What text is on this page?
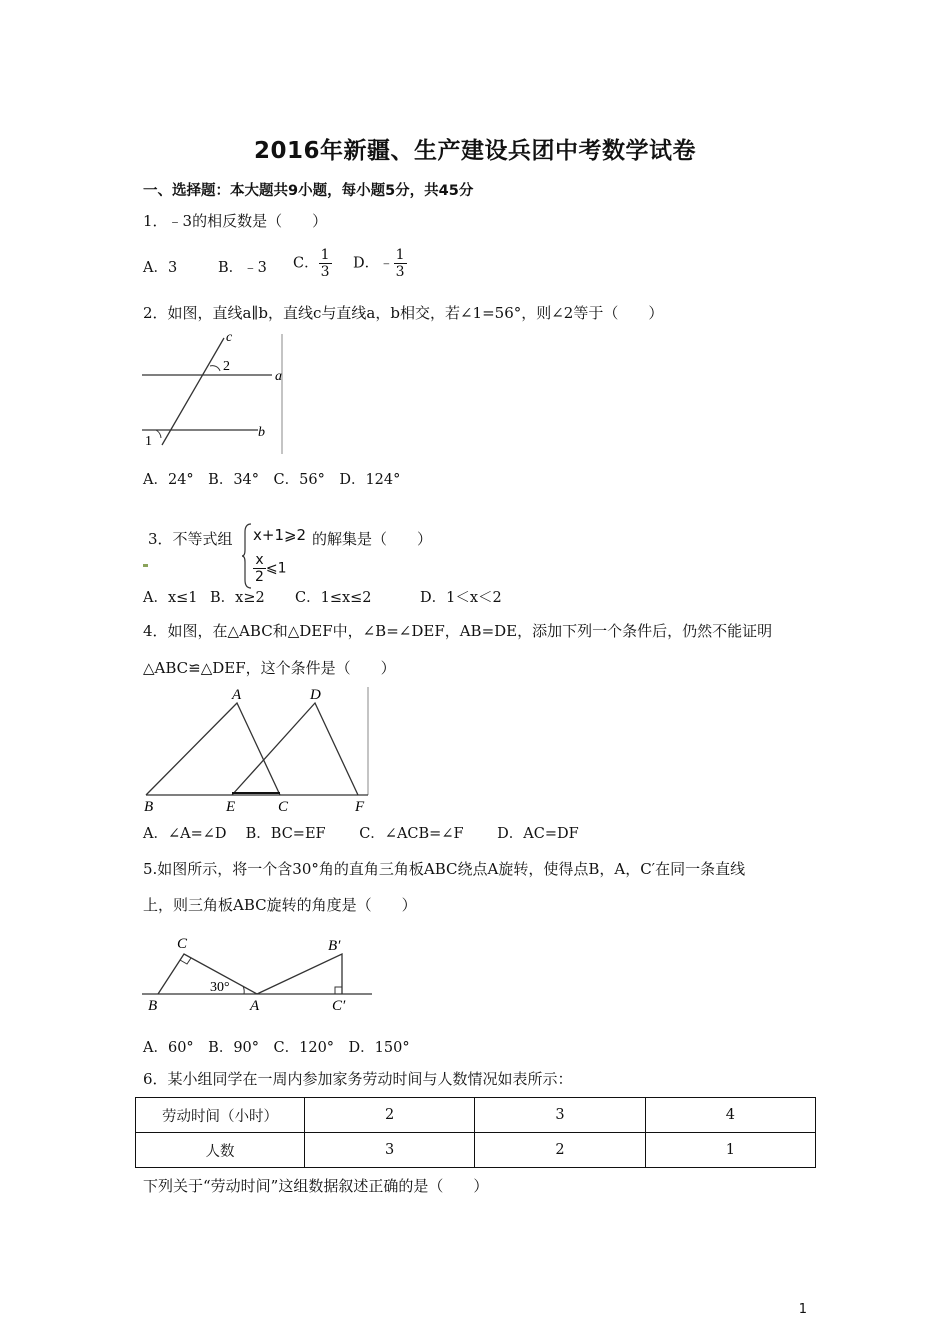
2016年新疆、生产建设兵团中考数学试卷
一、选择题：本大题共9小题，每小题5分，共45分
1．﹣3的相反数是（　　）
A．3	B．﹣3 C． $\frac{1}{3}$ D．﹣ $\frac{1}{3}$
2．如图，直线a∥b，直线c与直线a，b相交，若∠1=56°，则∠2等于（　　）
c
2
a
1
b
A．24°　B．34°　C．56°　D．124°
3．不等式组 x+1⩾2
$\frac{x}{2}$ ⩽1
的解集是（　　）
A．x≤1 B．x≥2 C．1≤x≤2	D．1＜x＜2
4．如图，在△ABC和△DEF中，∠B=∠DEF，AB=DE，添加下列一个条件后，仍然不能证明
△ABC≌△DEF，这个条件是（　　）
A	D
B	E	C	F
A．∠A=∠D　 B．BC=EF　　 C．∠ACB=∠F　　 D．AC=DF
5.如图所示，将一个含30°角的直角三角板ABC绕点A旋转，使得点B，A，C′在同一条直线
上，则三角板ABC旋转的角度是（　　）
C	B′
30°
B	A	C′
A．60°　B．90°　C．120°　D．150°
6．某小组同学在一周内参加家务劳动时间与人数情况如表所示：
劳动时间（小时）	2	3	4
人数	3	2	1
下列关于“劳动时间”这组数据叙述正确的是（　　）
1
